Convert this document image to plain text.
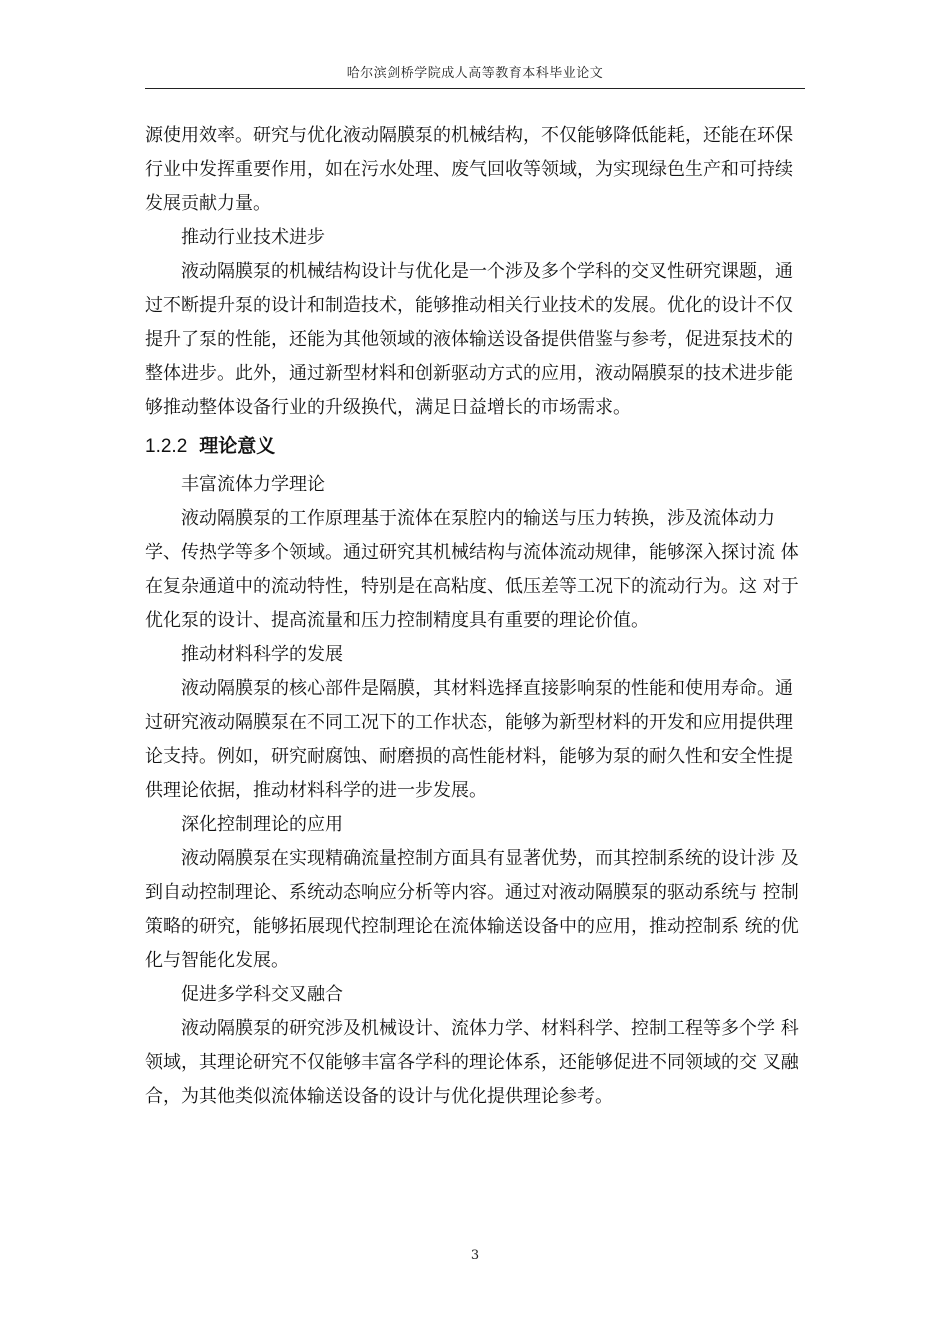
哈尔滨剑桥学院成人高等教育本科毕业论文

源使用效率。研究与优化液动隔膜泵的机械结构，不仅能够降低能耗，还能在环保行业中发挥重要作用，如在污水处理、废气回收等领域，为实现绿色生产和可持续发展贡献力量。

推动行业技术进步

液动隔膜泵的机械结构设计与优化是一个涉及多个学科的交叉性研究课题，通过不断提升泵的设计和制造技术，能够推动相关行业技术的发展。优化的设计不仅提升了泵的性能，还能为其他领域的液体输送设备提供借鉴与参考，促进泵技术的整体进步。此外，通过新型材料和创新驱动方式的应用，液动隔膜泵的技术进步能够推动整体设备行业的升级换代，满足日益增长的市场需求。

1.2.2 理论意义

丰富流体力学理论

液动隔膜泵的工作原理基于流体在泵腔内的输送与压力转换，涉及流体动力 学、传热学等多个领域。通过研究其机械结构与流体流动规律，能够深入探讨流 体在复杂通道中的流动特性，特别是在高粘度、低压差等工况下的流动行为。这 对于优化泵的设计、提高流量和压力控制精度具有重要的理论价值。

推动材料科学的发展

液动隔膜泵的核心部件是隔膜，其材料选择直接影响泵的性能和使用寿命。通过研究液动隔膜泵在不同工况下的工作状态，能够为新型材料的开发和应用提供理论支持。例如，研究耐腐蚀、耐磨损的高性能材料，能够为泵的耐久性和安全性提供理论依据，推动材料科学的进一步发展。

深化控制理论的应用

液动隔膜泵在实现精确流量控制方面具有显著优势，而其控制系统的设计涉 及到自动控制理论、系统动态响应分析等内容。通过对液动隔膜泵的驱动系统与 控制策略的研究，能够拓展现代控制理论在流体输送设备中的应用，推动控制系 统的优化与智能化发展。

促进多学科交叉融合

液动隔膜泵的研究涉及机械设计、流体力学、材料科学、控制工程等多个学 科领域，其理论研究不仅能够丰富各学科的理论体系，还能够促进不同领域的交 叉融合，为其他类似流体输送设备的设计与优化提供理论参考。

3
